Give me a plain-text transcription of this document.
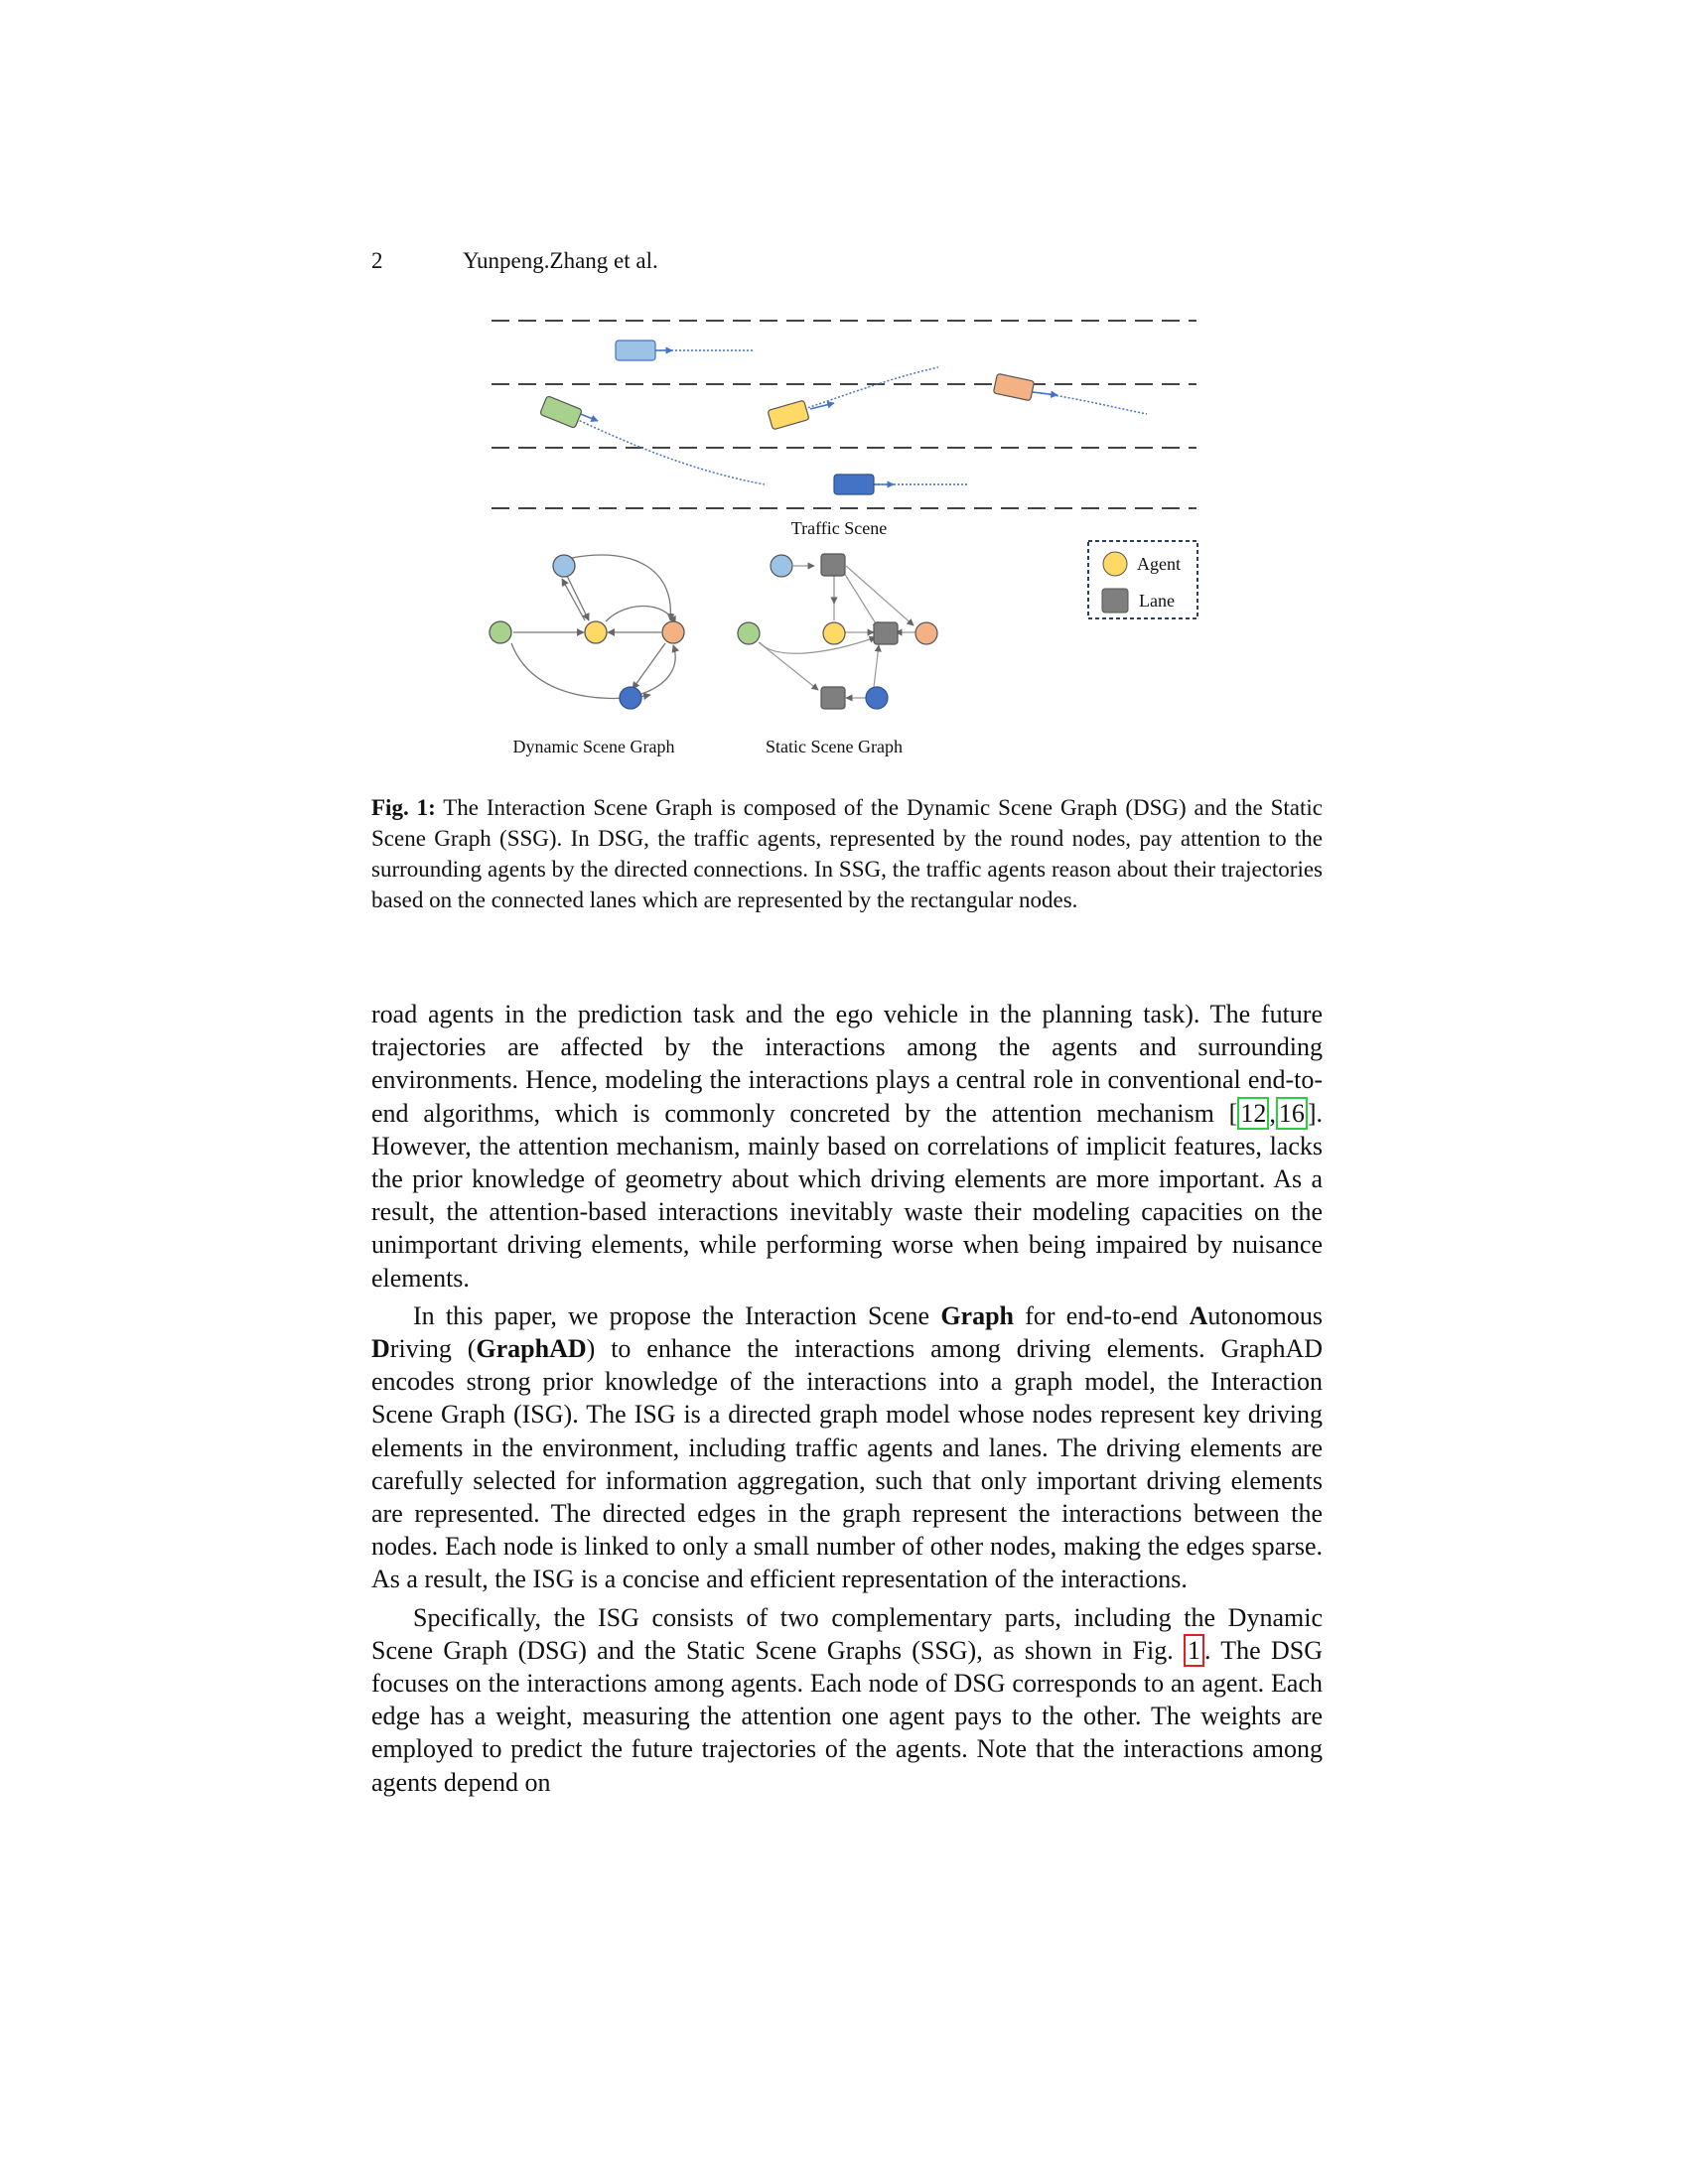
2	Yunpeng.Zhang et al.
Traffic Scene
Dynamic Scene Graph	Static Scene Graph
Agent
Lane
Fig. 1: The Interaction Scene Graph is composed of the Dynamic Scene Graph (DSG) and the Static Scene Graph (SSG). In DSG, the traffic agents, represented by the round nodes, pay attention to the surrounding agents by the directed connections. In SSG, the traffic agents reason about their trajectories based on the connected lanes which are represented by the rectangular nodes.

road agents in the prediction task and the ego vehicle in the planning task). The future trajectories are affected by the interactions among the agents and surrounding environments. Hence, modeling the interactions plays a central role in conventional end-to-end algorithms, which is commonly concreted by the attention mechanism [ 12 , 16 ]. However, the attention mechanism, mainly based on correlations of implicit features, lacks the prior knowledge of geometry about which driving elements are more important. As a result, the attention-based interactions inevitably waste their modeling capacities on the unimportant driving elements, while performing worse when being impaired by nuisance elements.

In this paper, we propose the Interaction Scene Graph for end-to-end Autonomous Driving (GraphAD) to enhance the interactions among driving elements. GraphAD encodes strong prior knowledge of the interactions into a graph model, the Interaction Scene Graph (ISG). The ISG is a directed graph model whose nodes represent key driving elements in the environment, including traffic agents and lanes. The driving elements are carefully selected for information aggregation, such that only important driving elements are represented. The directed edges in the graph represent the interactions between the nodes. Each node is linked to only a small number of other nodes, making the edges sparse. As a result, the ISG is a concise and efficient representation of the interactions.

Specifically, the ISG consists of two complementary parts, including the Dynamic Scene Graph (DSG) and the Static Scene Graphs (SSG), as shown in Fig. 1 . The DSG focuses on the interactions among agents. Each node of DSG corresponds to an agent. Each edge has a weight, measuring the attention one agent pays to the other. The weights are employed to predict the future trajectories of the agents. Note that the interactions among agents depend on
